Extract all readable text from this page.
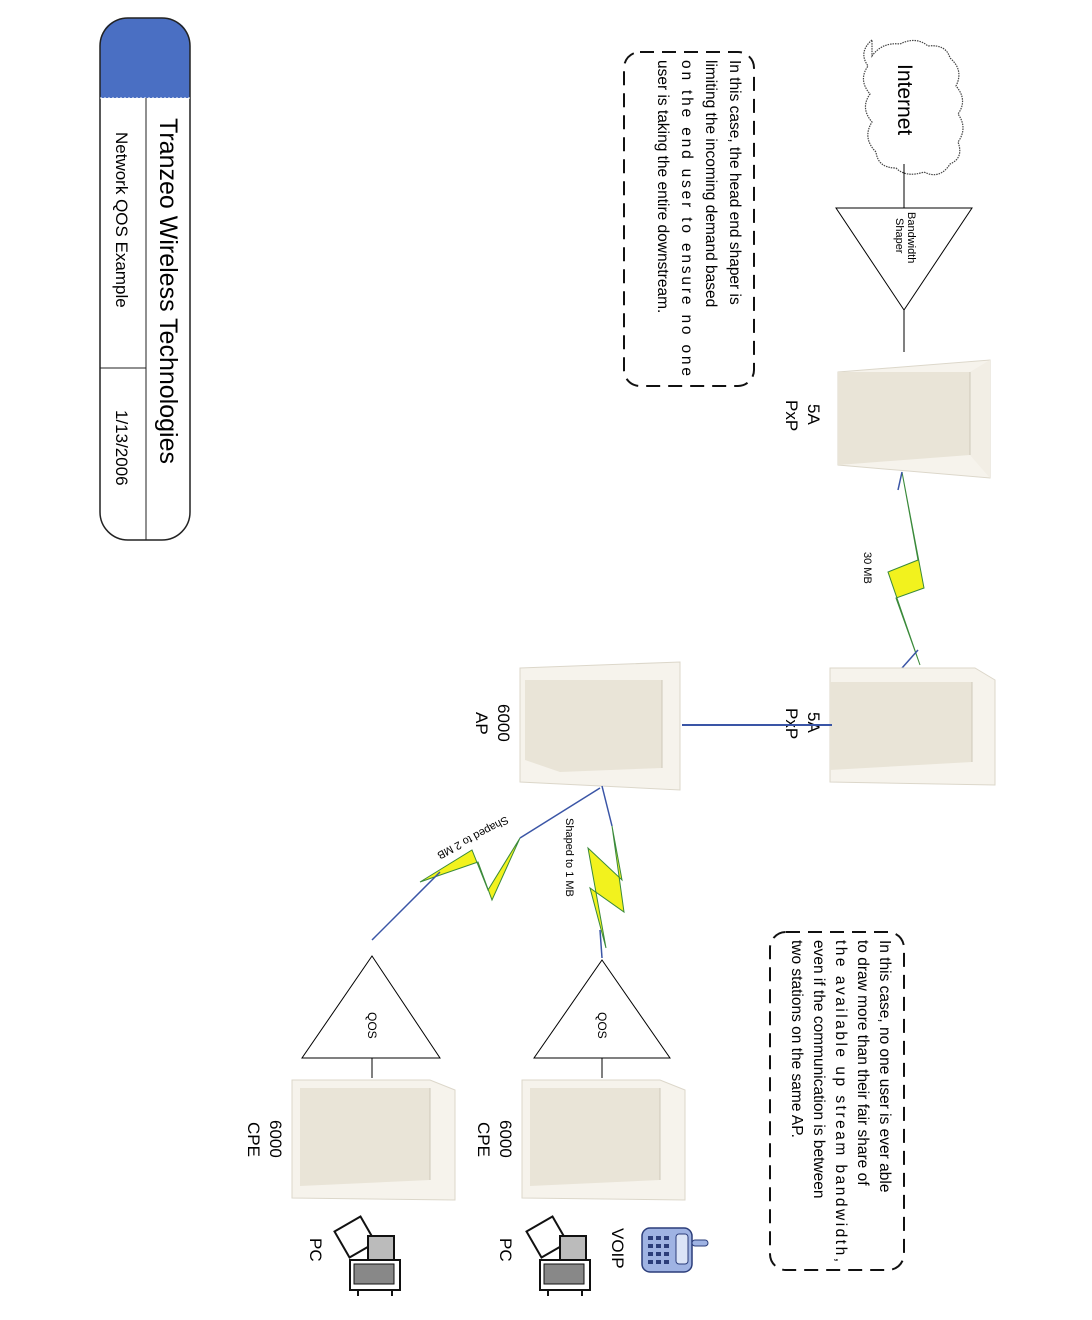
Tranzeo Wireless Technologies
Network QOS Example
1/13/2006
In this case, the head end shaper is
limiting the incoming demand based
on the end user to ensure no one
user is taking the entire downstream.
In this case, no one user is ever able
to draw more than their fair share of
the available up stream bandwidth,
even if the communication is between
two stations on the same AP.
Internet
Bandwidth
Shaper
5A
PxP
30 MB
5A
PxP
6000
AP
Shaped to 1 MB
Shaped to 2 MB
QOS
QOS
6000
CPE
6000
CPE
VOIP
PC
PC
